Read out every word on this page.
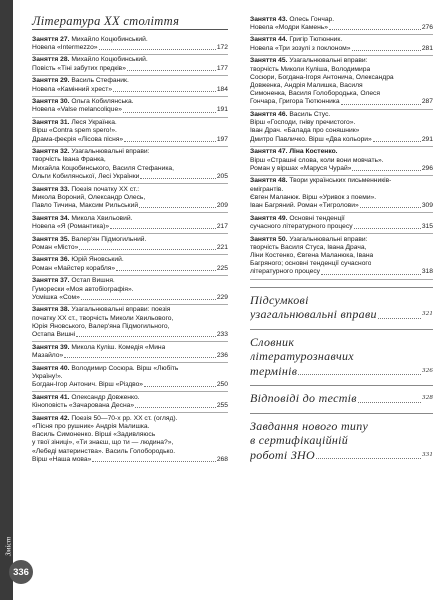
Зміст
336
Література XX століття
Заняття 27. Михайло Коцюбинський.
Новела «Intermezzo»	172
Заняття 28. Михайло Коцюбинський.
Повість «Тіні забутих предків»	177
Заняття 29. Василь Стефаник.
Новела «Камінний хрест»	184
Заняття 30. Ольга Кобилянська.
Новела «Valse melancolique»	191
Заняття 31. Леся Українка.
Вірш «Contra spem spero!».
Драма-феєрія «Лісова пісня»	197
Заняття 32. Узагальнювальні вправи:
творчість Івана Франка,
Михайла Коцюбинського, Василя Стефаника,
Ольги Кобилянської, Лесі Українки	205
Заняття 33. Поезія початку XX ст.:
Микола Вороний, Олександр Олесь,
Павло Тичина, Максим Рильський	209
Заняття 34. Микола Хвильовий.
Новела «Я (Романтика)»	217
Заняття 35. Валер'ян Підмогильний.
Роман «Місто»	221
Заняття 36. Юрій Яновський.
Роман «Майстер корабля»	225
Заняття 37. Остап Вишня.
Гуморески «Моя автобіографія».
Усмішка «Сом»	229
Заняття 38. Узагальнювальні вправи: поезія
початку XX ст., творчість Миколи Хвильового,
Юрія Яновського, Валер'яна Підмогильного,
Остапа Вишні	233
Заняття 39. Микола Куліш. Комедія «Мина
Мазайло»	236
Заняття 40. Володимир Сосюра. Вірш «Любіть
Україну!».
Богдан-Ігор Антонич. Вірш «Різдво»	250
Заняття 41. Олександр Довженко.
Кіноповість «Зачарована Десна»	255
Заняття 42. Поезія 50—70-х рр. XX ст. (огляд).
«Пісня про рушник» Андрія Малишка.
Василь Симоненко. Вірші «Задивляюсь
у твої зіниці», «Ти знаєш, що ти — людина?»,
«Лебеді материнства». Василь Голобородько.
Вірш «Наша мова»	268
Заняття 43. Олесь Гончар.
Новела «Модри Камень»	276
Заняття 44. Григір Тютюнник.
Новела «Три зозулі з поклоном»	281
Заняття 45. Узагальнювальні вправи:
творчість Миколи Куліша, Володимира
Сосюри, Богдана-Ігоря Антонича, Олександра
Довженка, Андрія Малишка, Василя
Симоненка, Василя Голобородька, Олеся
Гончара, Григора Тютюнника	287
Заняття 46. Василь Стус.
Вірш «Господи, гніву пречистого».
Іван Драч. «Балада про соняшник»
Дмитро Павличко. Вірш «Два кольори»	291
Заняття 47. Ліна Костенко.
Вірш «Страшні слова, коли вони мовчать».
Роман у віршах «Маруся Чурай»	296
Заняття 48. Твори українських письменників-
емігрантів.
Євген Маланюк. Вірш «Уривок з поеми».
Іван Багряний. Роман «Тигролови»	309
Заняття 49. Основні тенденції
сучасного літературного процесу	315
Заняття 50. Узагальнювальні вправи:
творчість Василя Стуса, Івана Драча,
Ліни Костенко, Євгена Маланюка, Івана
Багряного; основні тенденції сучасного
літературного процесу	318
Підсумкові
узагальнювальні вправи	321
Словник
літературознавчих
термінів	326
Відповіді до тестів	328
Завдання нового типу
в сертифікаційній
роботі ЗНО	331
